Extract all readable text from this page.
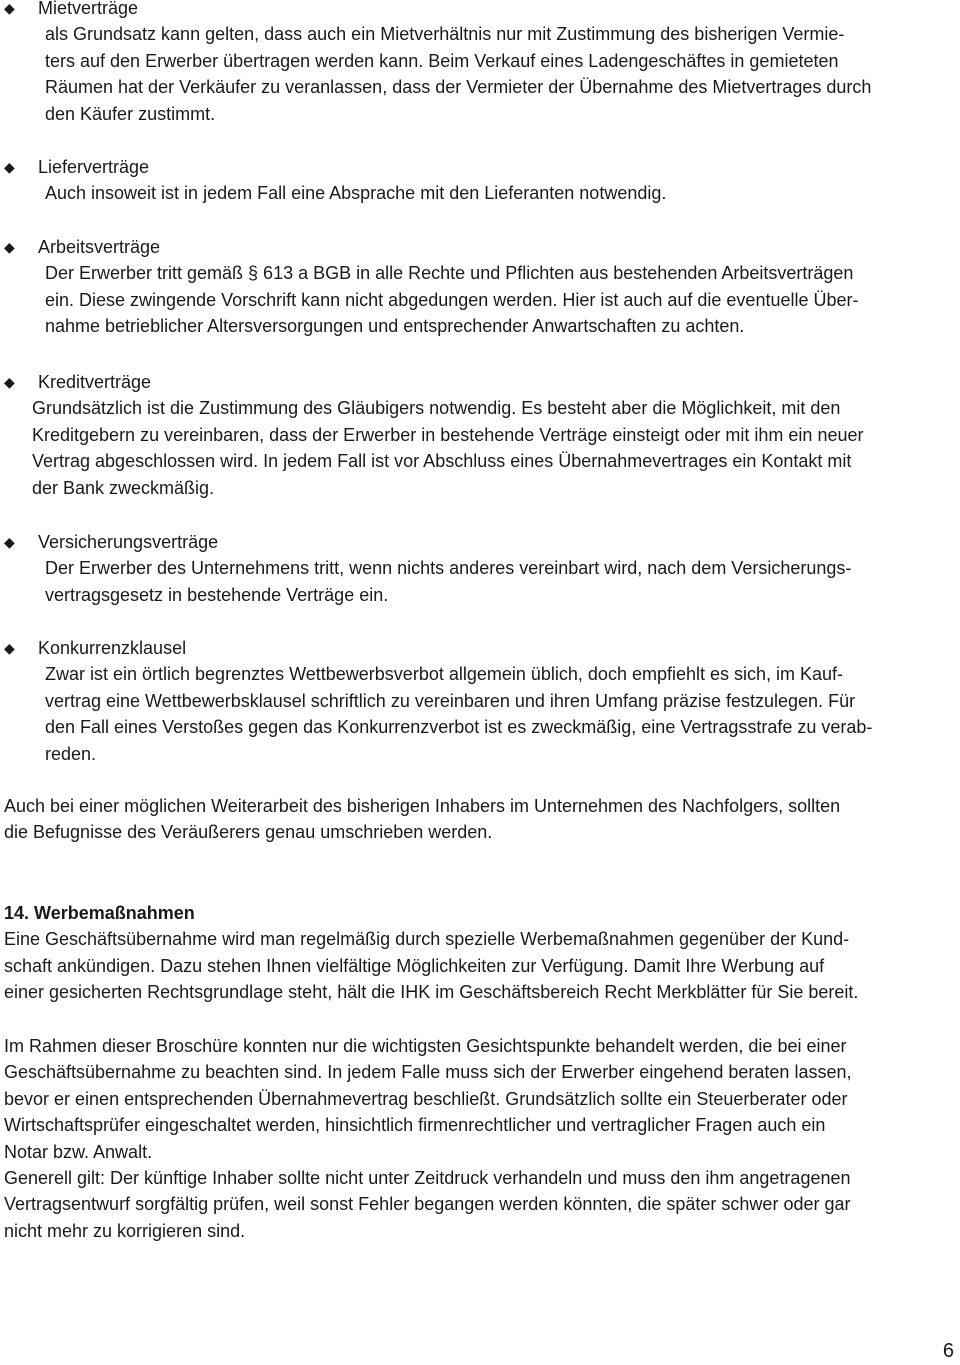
◆ Mietverträge
als Grundsatz kann gelten, dass auch ein Mietverhältnis nur mit Zustimmung des bisherigen Vermie-
ters auf den Erwerber übertragen werden kann. Beim Verkauf eines Ladengeschäftes in gemieteten
Räumen hat der Verkäufer zu veranlassen, dass der Vermieter der Übernahme des Mietvertrages durch
den Käufer zustimmt.
◆ Lieferverträge
Auch insoweit ist in jedem Fall eine Absprache mit den Lieferanten notwendig.
◆ Arbeitsverträge
Der Erwerber tritt gemäß § 613 a BGB in alle Rechte und Pflichten aus bestehenden Arbeitsverträgen
ein. Diese zwingende Vorschrift kann nicht abgedungen werden. Hier ist auch auf die eventuelle Über-
nahme betrieblicher Altersversorgungen und entsprechender Anwartschaften zu achten.
◆ Kreditverträge
Grundsätzlich ist die Zustimmung des Gläubigers notwendig. Es besteht aber die Möglichkeit, mit den
Kreditgebern zu vereinbaren, dass der Erwerber in bestehende Verträge einsteigt oder mit ihm ein neuer
Vertrag abgeschlossen wird. In jedem Fall ist vor Abschluss eines Übernahmevertrages ein Kontakt mit
der Bank zweckmäßig.
◆ Versicherungsverträge
Der Erwerber des Unternehmens tritt, wenn nichts anderes vereinbart wird, nach dem Versicherungs-
vertragsgesetz in bestehende Verträge ein.
◆ Konkurrenzklausel
Zwar ist ein örtlich begrenztes Wettbewerbsverbot allgemein üblich, doch empfiehlt es sich, im Kauf-
vertrag eine Wettbewerbsklausel schriftlich zu vereinbaren und ihren Umfang präzise festzulegen. Für
den Fall eines Verstoßes gegen das Konkurrenzverbot ist es zweckmäßig, eine Vertragsstrafe zu verab-
reden.
Auch bei einer möglichen Weiterarbeit des bisherigen Inhabers im Unternehmen des Nachfolgers, sollten
die Befugnisse des Veräußerers genau umschrieben werden.
14. Werbemaßnahmen
Eine Geschäftsübernahme wird man regelmäßig durch spezielle Werbemaßnahmen gegenüber der Kund-
schaft ankündigen. Dazu stehen Ihnen vielfältige Möglichkeiten zur Verfügung. Damit Ihre Werbung auf
einer gesicherten Rechtsgrundlage steht, hält die IHK im Geschäftsbereich Recht Merkblätter für Sie bereit.
Im Rahmen dieser Broschüre konnten nur die wichtigsten Gesichtspunkte behandelt werden, die bei einer
Geschäftsübernahme zu beachten sind. In jedem Falle muss sich der Erwerber eingehend beraten lassen,
bevor er einen entsprechenden Übernahmevertrag beschließt. Grundsätzlich sollte ein Steuerberater oder
Wirtschaftsprüfer eingeschaltet werden, hinsichtlich firmenrechtlicher und vertraglicher Fragen auch ein
Notar bzw. Anwalt.
Generell gilt: Der künftige Inhaber sollte nicht unter Zeitdruck verhandeln und muss den ihm angetragenen
Vertragsentwurf sorgfältig prüfen, weil sonst Fehler begangen werden könnten, die später schwer oder gar
nicht mehr zu korrigieren sind.
6
